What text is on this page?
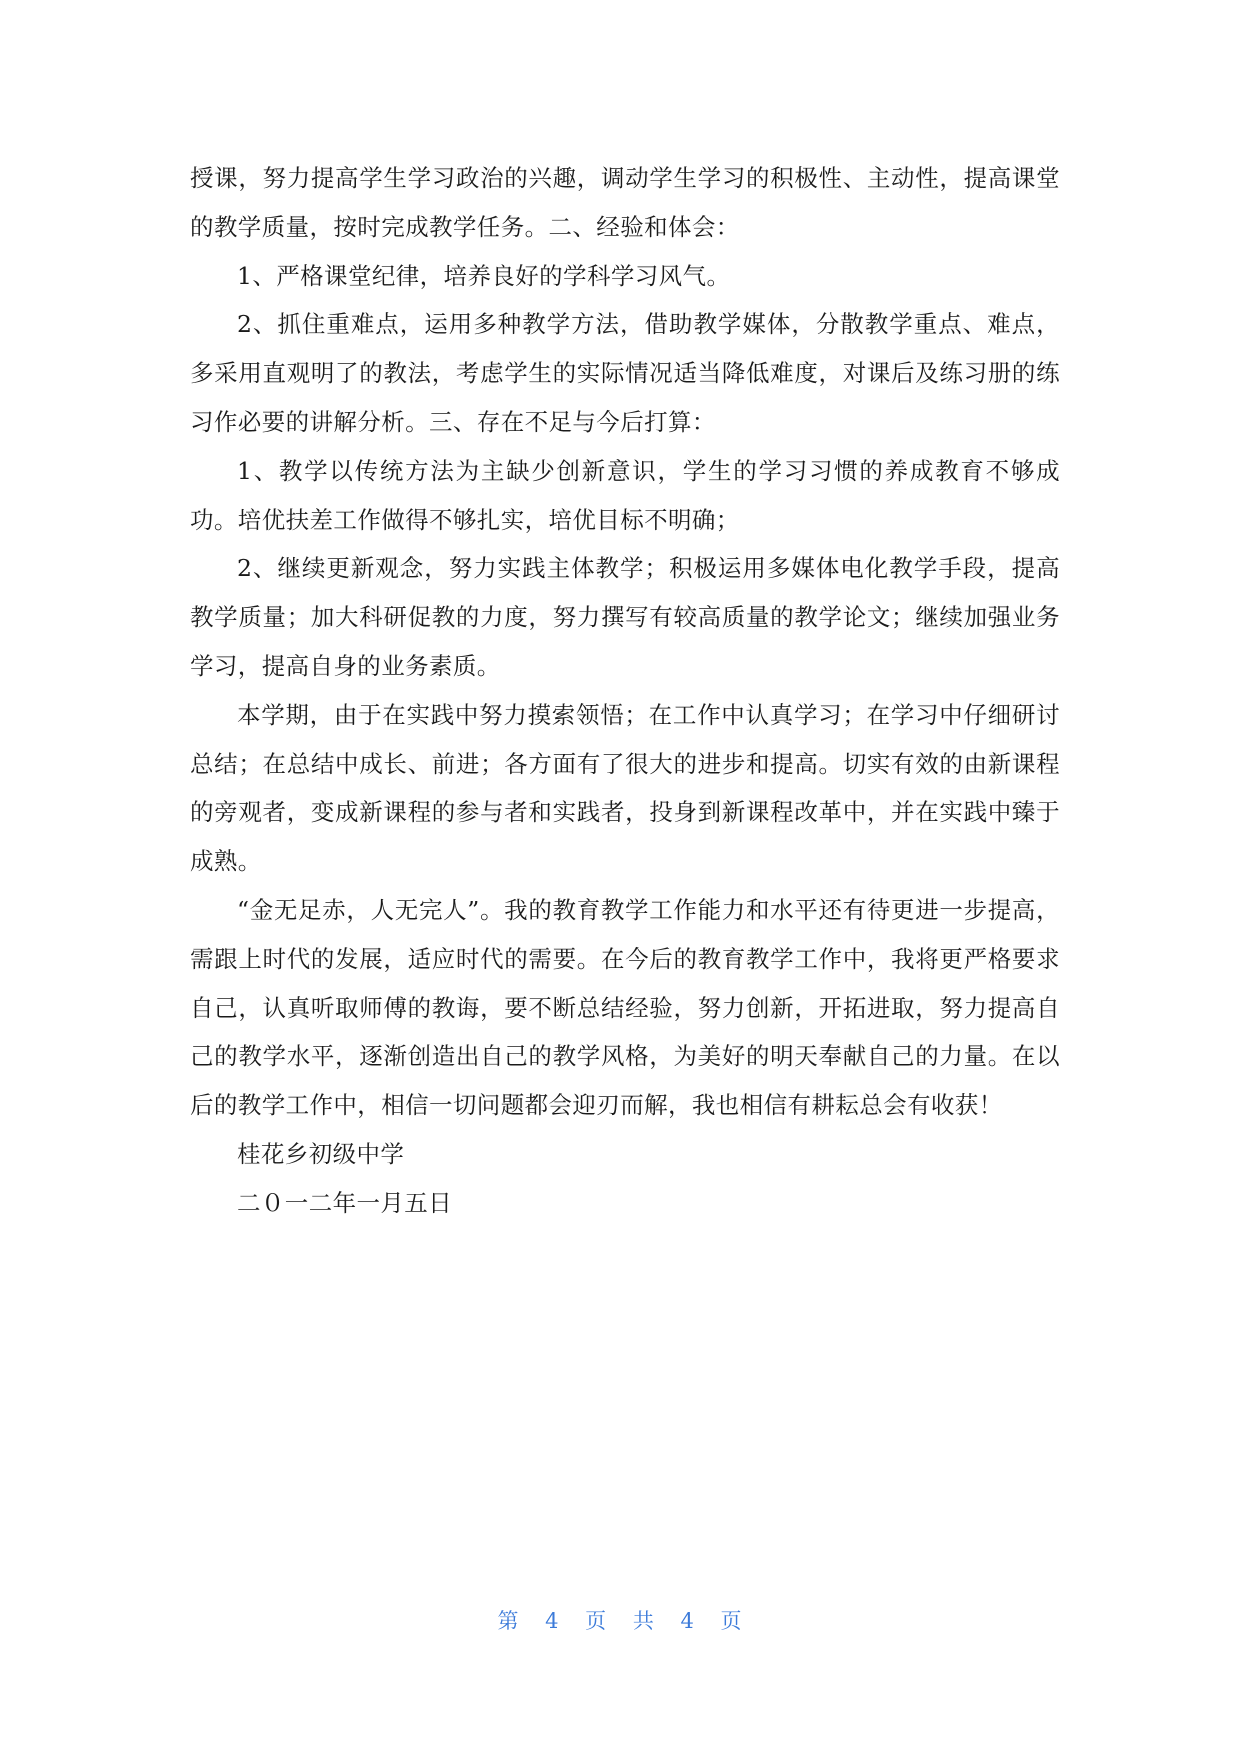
授课，努力提高学生学习政治的兴趣，调动学生学习的积极性、主动性，提高课堂的教学质量，按时完成教学任务。二、经验和体会：

1、严格课堂纪律，培养良好的学科学习风气。

2、抓住重难点，运用多种教学方法，借助教学媒体，分散教学重点、难点，多采用直观明了的教法，考虑学生的实际情况适当降低难度，对课后及练习册的练习作必要的讲解分析。三、存在不足与今后打算：

1、教学以传统方法为主缺少创新意识，学生的学习习惯的养成教育不够成功。培优扶差工作做得不够扎实，培优目标不明确；

2、继续更新观念，努力实践主体教学；积极运用多媒体电化教学手段，提高教学质量；加大科研促教的力度，努力撰写有较高质量的教学论文；继续加强业务学习，提高自身的业务素质。

本学期，由于在实践中努力摸索领悟；在工作中认真学习；在学习中仔细研讨总结；在总结中成长、前进；各方面有了很大的进步和提高。切实有效的由新课程的旁观者，变成新课程的参与者和实践者，投身到新课程改革中，并在实践中臻于成熟。

“金无足赤，人无完人”。我的教育教学工作能力和水平还有待更进一步提高，需跟上时代的发展，适应时代的需要。在今后的教育教学工作中，我将更严格要求自己，认真听取师傅的教诲，要不断总结经验，努力创新，开拓进取，努力提高自己的教学水平，逐渐创造出自己的教学风格，为美好的明天奉献自己的力量。在以后的教学工作中，相信一切问题都会迎刃而解，我也相信有耕耘总会有收获！

桂花乡初级中学

二０一二年一月五日

第 4 页 共 4 页
